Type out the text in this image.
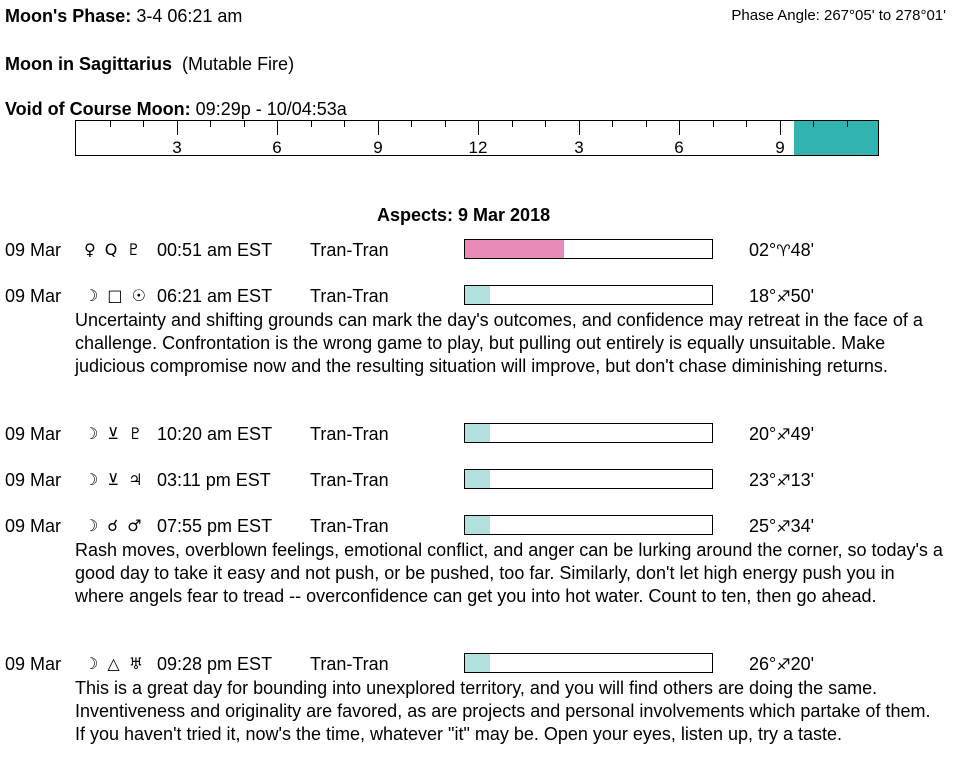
Moon's Phase: 3-4 06:21 am	Phase Angle: 267°05' to 278°01'
Moon in Sagittarius (Mutable Fire)
Void of Course Moon: 09:29p - 10/04:53a
3	6	9	12	3	6	9
Aspects: 9 Mar 2018
09 Mar ♀ Q ♇ 00:51 am EST Tran-Tran	02°♈48'
09 Mar ☽ □ ☉ 06:21 am EST Tran-Tran	18°♐50'
Uncertainty and shifting grounds can mark the day's outcomes, and confidence may retreat in the face of a challenge. Confrontation is the wrong game to play, but pulling out entirely is equally unsuitable. Make judicious compromise now and the resulting situation will improve, but don't chase diminishing returns.
09 Mar ☽ ⊻ ♇ 10:20 am EST Tran-Tran	20°♐49'
09 Mar ☽ ⊻ ♃ 03:11 pm EST Tran-Tran	23°♐13'
09 Mar ☽ ☌ ♂ 07:55 pm EST Tran-Tran	25°♐34'
Rash moves, overblown feelings, emotional conflict, and anger can be lurking around the corner, so today's a good day to take it easy and not push, or be pushed, too far. Similarly, don't let high energy push you in where angels fear to tread -- overconfidence can get you into hot water. Count to ten, then go ahead.
09 Mar ☽ △ ♅ 09:28 pm EST Tran-Tran	26°♐20'
This is a great day for bounding into unexplored territory, and you will find others are doing the same. Inventiveness and originality are favored, as are projects and personal involvements which partake of them. If you haven't tried it, now's the time, whatever "it" may be. Open your eyes, listen up, try a taste.
